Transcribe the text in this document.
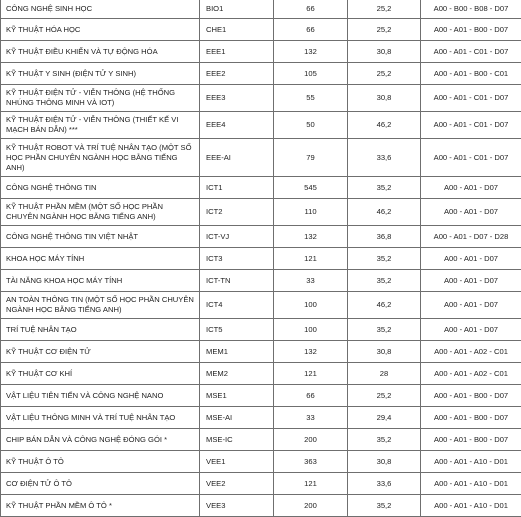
CÔNG NGHỆ SINH HỌC	BIO1	66	25,2	A00 - B00 - B08 - D07
KỸ THUẬT HÓA HỌC	CHE1	66	25,2	A00 - A01 - B00 - D07
KỸ THUẬT ĐIỀU KHIỂN VÀ TỰ ĐỘNG HÓA	EEE1	132	30,8	A00 - A01 - C01 - D07
KỸ THUẬT Y SINH (ĐIỆN TỬ Y SINH)	EEE2	105	25,2	A00 - A01 - B00 - C01
KỸ THUẬT ĐIỆN TỬ - VIỄN THÔNG (HỆ THỐNG NHÚNG THÔNG MINH VÀ IOT)	EEE3	55	30,8	A00 - A01 - C01 - D07
KỸ THUẬT ĐIỆN TỬ - VIỄN THÔNG (THIẾT KẾ VI MẠCH BÁN DẪN) ***	EEE4	50	46,2	A00 - A01 - C01 - D07
KỸ THUẬT ROBOT VÀ TRÍ TUỆ NHÂN TẠO (MỘT SỐ HỌC PHẦN CHUYÊN NGÀNH HỌC BẰNG TIẾNG ANH)	EEE-AI	79	33,6	A00 - A01 - C01 - D07
CÔNG NGHỆ THÔNG TIN	ICT1	545	35,2	A00 - A01 - D07
KỸ THUẬT PHẦN MỀM (MỘT SỐ HỌC PHẦN CHUYÊN NGÀNH HỌC BẰNG TIẾNG ANH)	ICT2	110	46,2	A00 - A01 - D07
CÔNG NGHỆ THÔNG TIN VIỆT NHẬT	ICT-VJ	132	36,8	A00 - A01 - D07 - D28
KHOA HỌC MÁY TÍNH	ICT3	121	35,2	A00 - A01 - D07
TÀI NĂNG KHOA HỌC MÁY TÍNH	ICT-TN	33	35,2	A00 - A01 - D07
AN TOÀN THÔNG TIN (MỘT SỐ HỌC PHẦN CHUYÊN NGÀNH HỌC BẰNG TIẾNG ANH)	ICT4	100	46,2	A00 - A01 - D07
TRÍ TUỆ NHÂN TẠO	ICT5	100	35,2	A00 - A01 - D07
KỸ THUẬT CƠ ĐIỆN TỬ	MEM1	132	30,8	A00 - A01 - A02 - C01
KỸ THUẬT CƠ KHÍ	MEM2	121	28	A00 - A01 - A02 - C01
VẬT LIỆU TIÊN TIẾN VÀ CÔNG NGHỆ NANO	MSE1	66	25,2	A00 - A01 - B00 - D07
VẬT LIỆU THÔNG MINH VÀ TRÍ TUỆ NHÂN TẠO	MSE-AI	33	29,4	A00 - A01 - B00 - D07
CHIP BÁN DẪN VÀ CÔNG NGHỆ ĐÓNG GÓI *	MSE-IC	200	35,2	A00 - A01 - B00 - D07
KỸ THUẬT Ô TÔ	VEE1	363	30,8	A00 - A01 - A10 - D01
CƠ ĐIỆN TỬ Ô TÔ	VEE2	121	33,6	A00 - A01 - A10 - D01
KỸ THUẬT PHẦN MỀM Ô TÔ *	VEE3	200	35,2	A00 - A01 - A10 - D01
